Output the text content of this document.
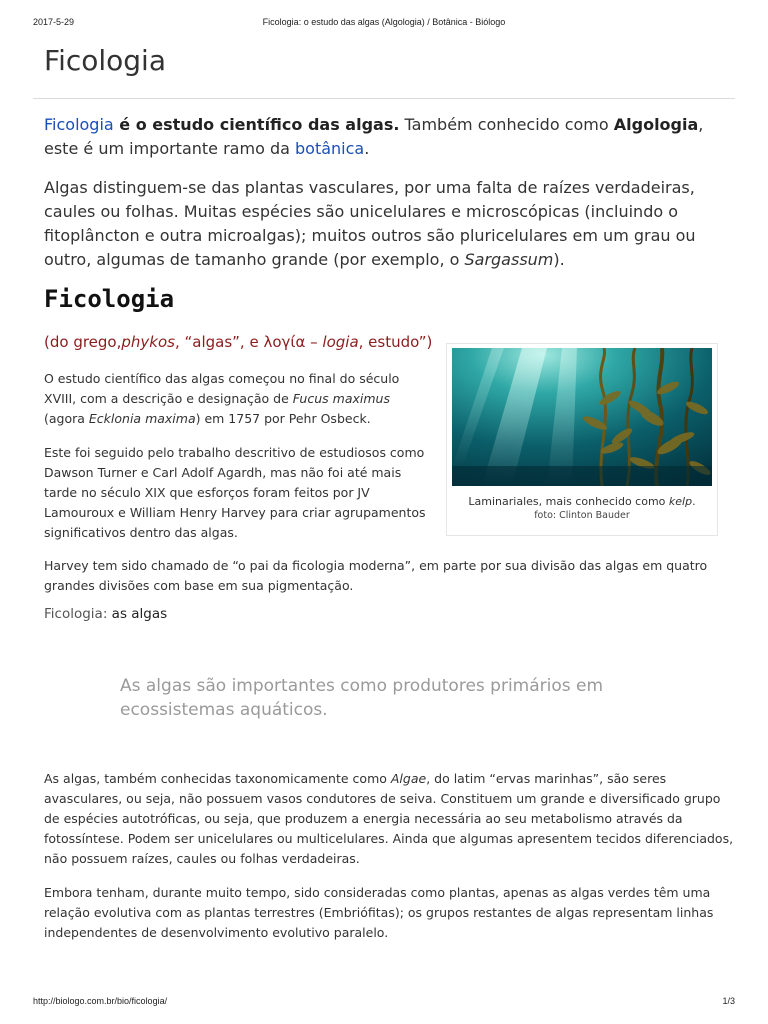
2017-5-29	Ficologia: o estudo das algas (Algologia) / Botânica - Biólogo
http://biologo.com.br/bio/ficologia/	1/3
Ficologia
Ficologia é o estudo científico das algas. Também conhecido como Algologia, este é um importante ramo da botânica.
Algas distinguem-se das plantas vasculares, por uma falta de raízes verdadeiras, caules ou folhas. Muitas espécies são unicelulares e microscópicas (incluindo o fitoplâncton e outra microalgas); muitos outros são pluricelulares em um grau ou outro, algumas de tamanho grande (por exemplo, o Sargassum).
Ficologia
(do grego,phykos, “algas”, e λογία – logia, estudo”)
O estudo científico das algas começou no final do século XVIII, com a descrição e designação de Fucus maximus (agora Ecklonia maxima) em 1757 por Pehr Osbeck.
Este foi seguido pelo trabalho descritivo de estudiosos como Dawson Turner e Carl Adolf Agardh, mas não foi até mais tarde no século XIX que esforços foram feitos por JV Lamouroux e William Henry Harvey para criar agrupamentos significativos dentro das algas.
Laminariales, mais conhecido como kelp.
foto: Clinton Bauder
Harvey tem sido chamado de “o pai da ficologia moderna”, em parte por sua divisão das algas em quatro grandes divisões com base em sua pigmentação.
Ficologia: as algas
As algas são importantes como produtores primários em ecossistemas aquáticos.
As algas, também conhecidas taxonomicamente como Algae, do latim “ervas marinhas”, são seres avasculares, ou seja, não possuem vasos condutores de seiva. Constituem um grande e diversificado grupo de espécies autotróficas, ou seja, que produzem a energia necessária ao seu metabolismo através da fotossíntese. Podem ser unicelulares ou multicelulares. Ainda que algumas apresentem tecidos diferenciados, não possuem raízes, caules ou folhas verdadeiras.
Embora tenham, durante muito tempo, sido consideradas como plantas, apenas as algas verdes têm uma relação evolutiva com as plantas terrestres (Embriófitas); os grupos restantes de algas representam linhas independentes de desenvolvimento evolutivo paralelo.
